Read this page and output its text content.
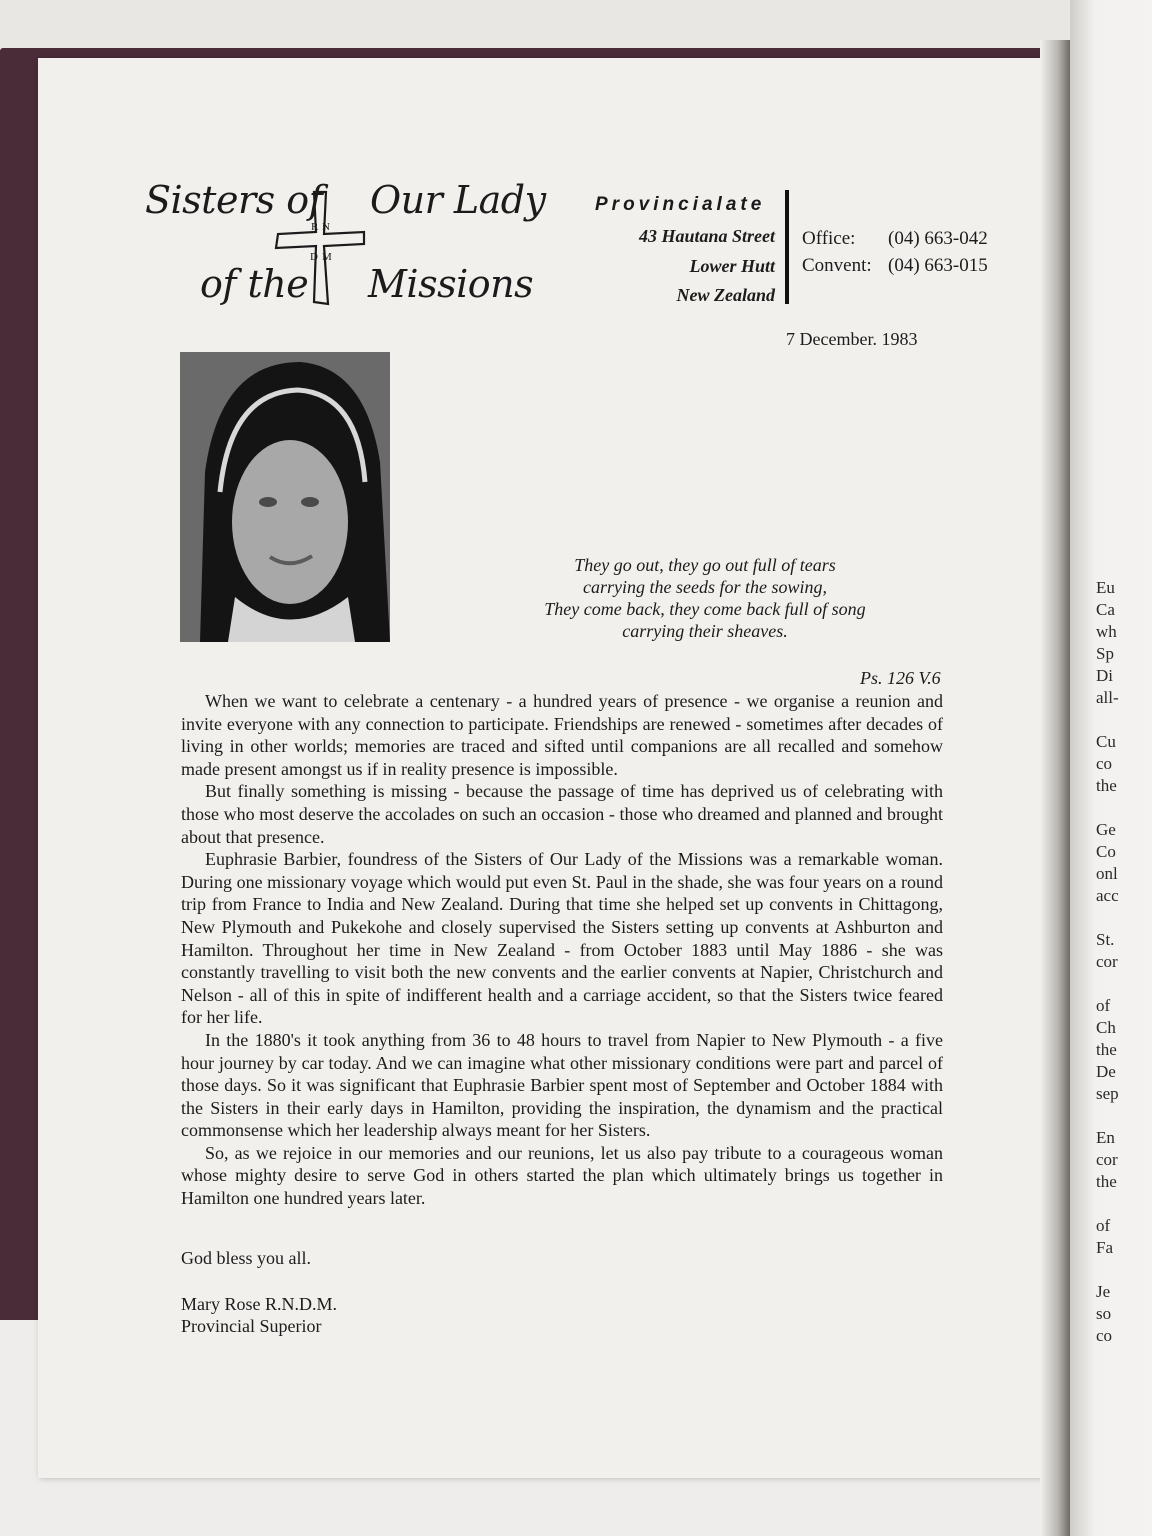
Eu
Ca
wh
Sp
Di
all-
Cu
co
the
Ge
Co
onl
acc
St.
cor
of
Ch
the
De
sep
En
cor
the
of
Fa
Je
so
co
Sisters of Our Lady
of the Missions
R N
D M
Provincialate
43 Hautana Street
Lower Hutt
New Zealand
Office: (04) 663-042
Convent: (04) 663-015
7 December. 1983
They go out, they go out full of tears
carrying the seeds for the sowing,
They come back, they come back full of song
carrying their sheaves.
Ps. 126 V.6

When we want to celebrate a centenary - a hundred years of presence - we organise a reunion and invite everyone with any connection to participate. Friendships are renewed - sometimes after decades of living in other worlds; memories are traced and sifted until companions are all recalled and somehow made present amongst us if in reality presence is impossible.

But finally something is missing - because the passage of time has deprived us of celebrating with those who most deserve the accolades on such an occasion - those who dreamed and planned and brought about that presence.

Euphrasie Barbier, foundress of the Sisters of Our Lady of the Missions was a remarkable woman. During one missionary voyage which would put even St. Paul in the shade, she was four years on a round trip from France to India and New Zealand. During that time she helped set up convents in Chittagong, New Plymouth and Pukekohe and closely supervised the Sisters setting up convents at Ashburton and Hamilton. Throughout her time in New Zealand - from October 1883 until May 1886 - she was constantly travelling to visit both the new convents and the earlier convents at Napier, Christchurch and Nelson - all of this in spite of indifferent health and a carriage accident, so that the Sisters twice feared for her life.

In the 1880's it took anything from 36 to 48 hours to travel from Napier to New Plymouth - a five hour journey by car today. And we can imagine what other missionary conditions were part and parcel of those days. So it was significant that Euphrasie Barbier spent most of September and October 1884 with the Sisters in their early days in Hamilton, providing the inspiration, the dynamism and the practical commonsense which her leadership always meant for her Sisters.

So, as we rejoice in our memories and our reunions, let us also pay tribute to a courageous woman whose mighty desire to serve God in others started the plan which ultimately brings us together in Hamilton one hundred years later.

God bless you all.
Mary Rose R.N.D.M.
Provincial Superior
